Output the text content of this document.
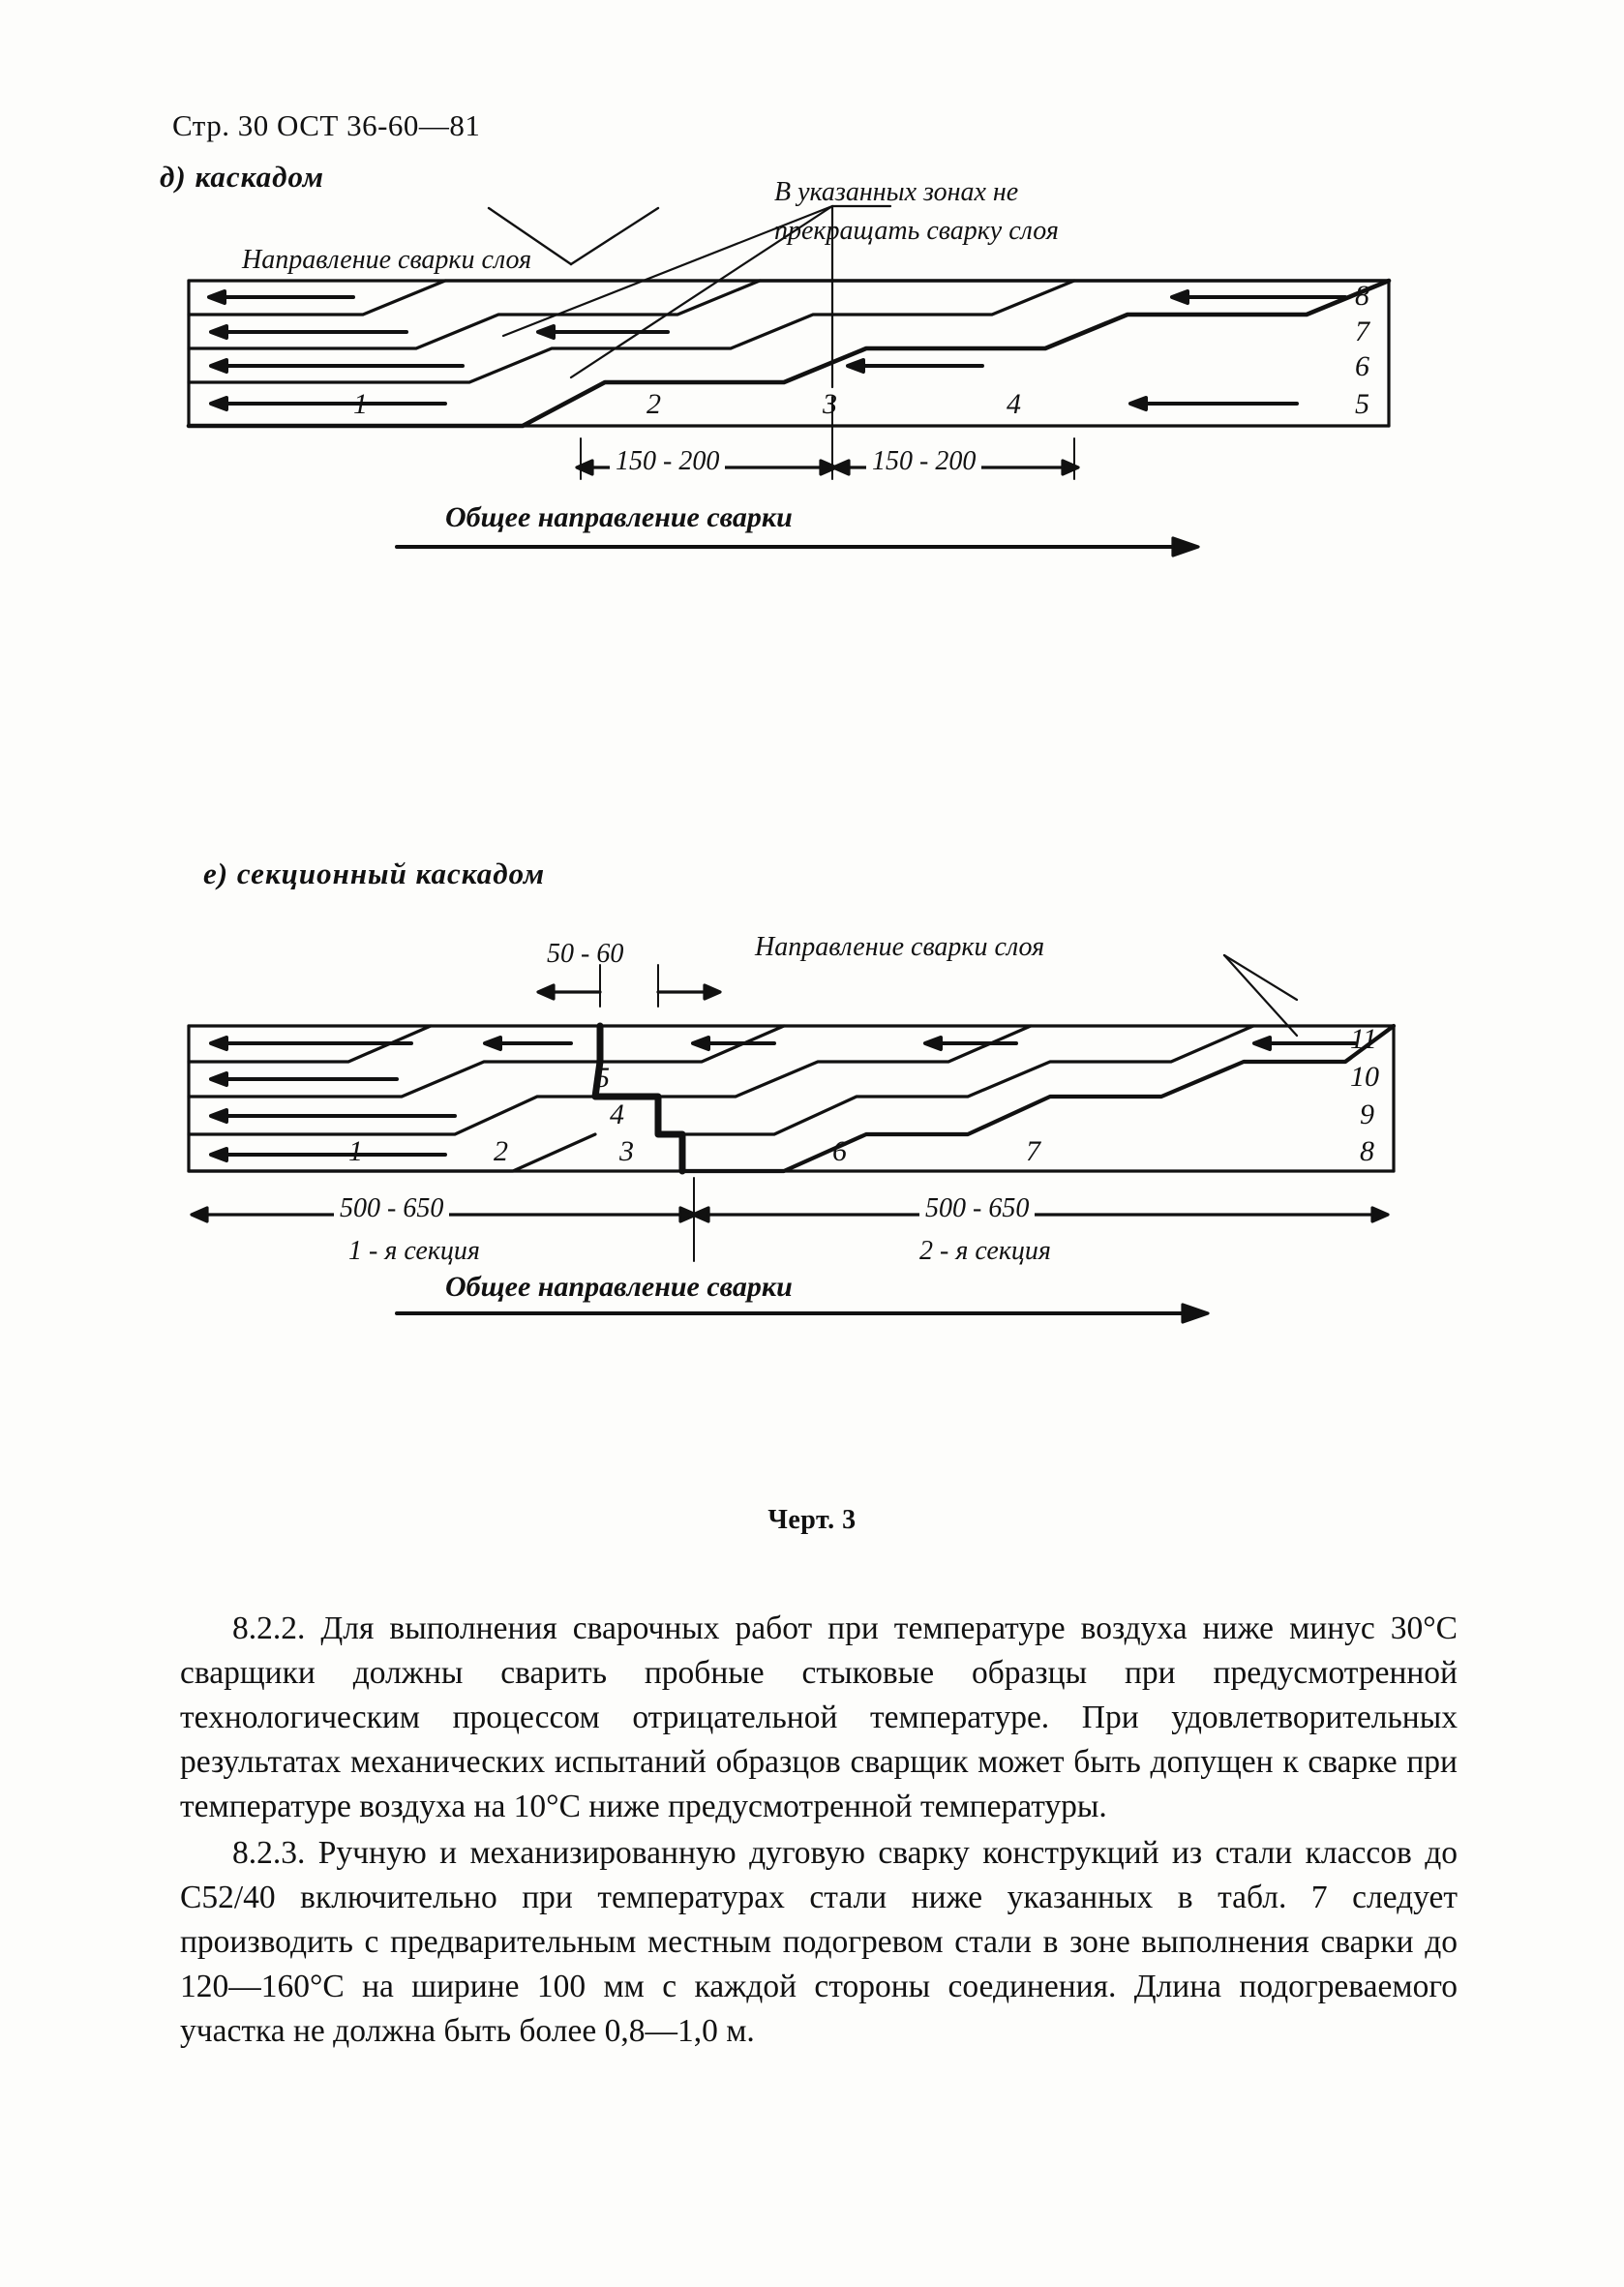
Стр. 30 ОСТ 36-60—81
1	2	3	4	5
6
7
8
д) каскадом
Направление сварки слоя
В указанных зонах не
прекращать сварку слоя
150 - 200	150 - 200
Общее направление сварки
1	2	3
4
5
6	7	8
9
10
11
е) секционный каскадом
50 - 60	Направление сварки слоя
500 - 650	500 - 650
1 - я секция	2 - я секция
Общее направление сварки
Черт. 3

8.2.2. Для выполнения сварочных работ при температуре воздуха ниже минус 30°С сварщики должны сварить пробные стыковые образцы при предусмотренной технологическим процессом отрицательной температуре. При удовлетворительных результатах механических испытаний образцов сварщик может быть допущен к сварке при температуре воздуха на 10°С ниже предусмотренной температуры.

8.2.3. Ручную и механизированную дуговую сварку конструкций из стали классов до С52/40 включительно при температурах стали ниже указанных в табл. 7 следует производить с предварительным местным подогревом стали в зоне выполнения сварки до 120—160°С на ширине 100 мм с каждой стороны соединения. Длина подогреваемого участка не должна быть более 0,8—1,0 м.
